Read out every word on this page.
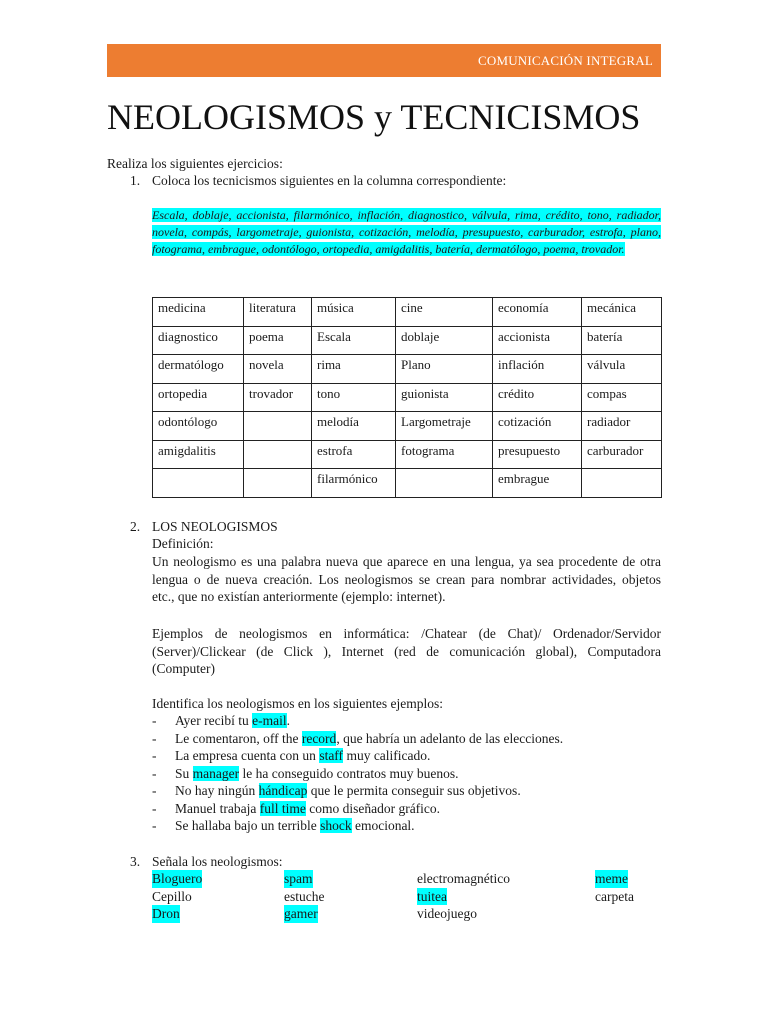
COMUNICACIÓN INTEGRAL
NEOLOGISMOS y TECNICISMOS

Realiza los siguientes ejercicios:

1. Coloca los tecnicismos siguientes en la columna correspondiente:

Escala, doblaje, accionista, filarmónico, inflación, diagnostico, válvula, rima, crédito, tono, radiador, novela, compás, largometraje, guionista, cotización, melodía, presupuesto, carburador, estrofa, plano, fotograma, embrague, odontólogo, ortopedia, amigdalitis, batería, dermatólogo, poema, trovador.
medicina	literatura	música	cine	economía	mecánica
diagnostico	poema	Escala	doblaje	accionista	batería
dermatólogo	novela	rima	Plano	inflación	válvula
ortopedia	trovador	tono	guionista	crédito	compas
odontólogo		melodía	Largometraje	cotización	radiador
amigdalitis		estrofa	fotograma	presupuesto	carburador
		filarmónico		embrague	

2. LOS NEOLOGISMOS

Definición:

Un neologismo es una palabra nueva que aparece en una lengua, ya sea procedente de otra
lengua o de nueva creación. Los neologismos se crean para nombrar actividades, objetos
etc., que no existían anteriormente (ejemplo: internet).
Ejemplos de neologismos en informática: /Chatear (de Chat)/ Ordenador/Servidor
(Server)/Clickear (de Click ), Internet (red de comunicación global), Computadora
(Computer)

Identifica los neologismos en los siguientes ejemplos:

- Ayer recibí tu e-mail.
- Le comentaron, off the record, que habría un adelanto de las elecciones.
- La empresa cuenta con un staff muy calificado.
- Su manager le ha conseguido contratos muy buenos.
- No hay ningún hándicap que le permita conseguir sus objetivos.
- Manuel trabaja full time como diseñador gráfico.
- Se hallaba bajo un terrible shock emocional.

3. Señala los neologismos:

Bloguero	spam	electromagnético	meme
Cepillo	estuche	tuitea	carpeta
Dron	gamer	videojuego
